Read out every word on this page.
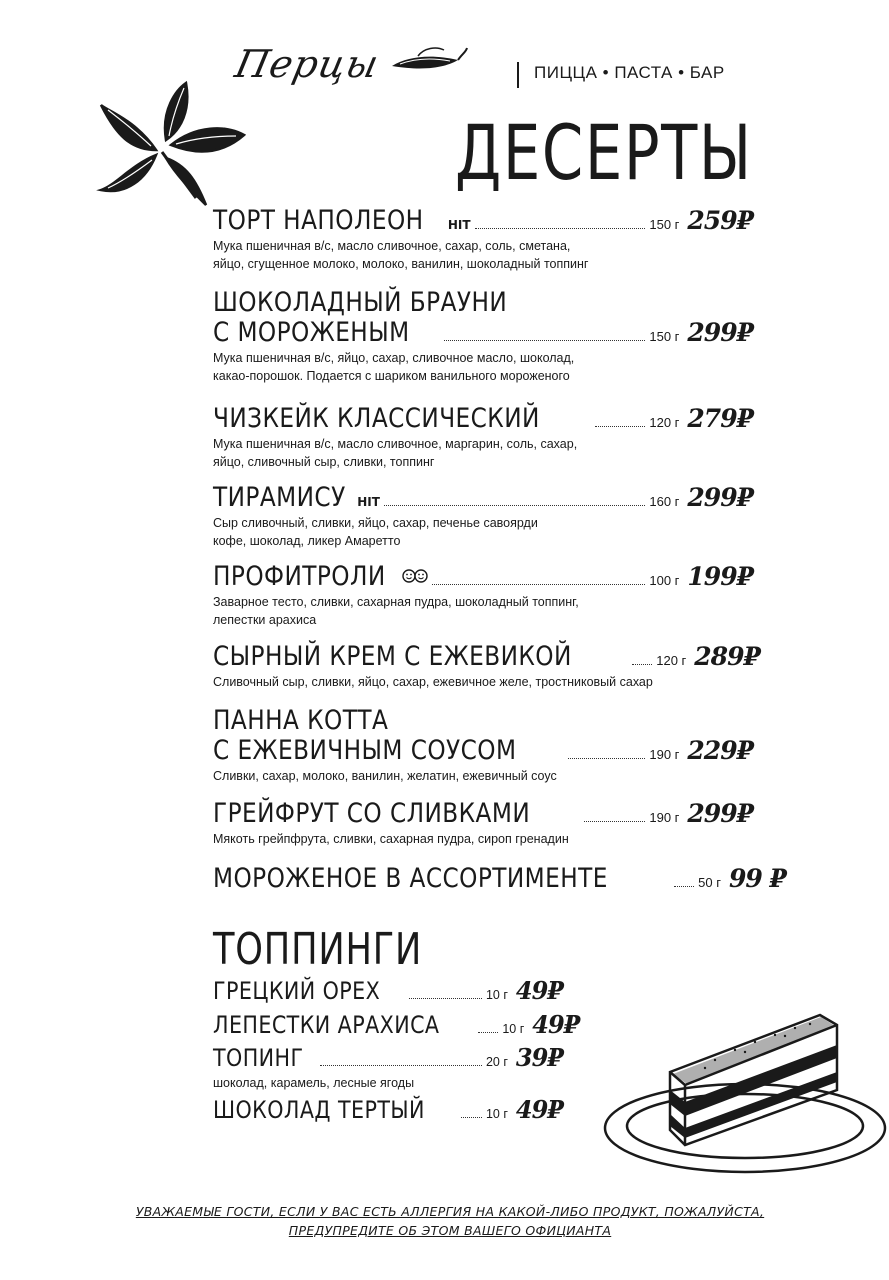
Перцы	ПИЦЦА • ПАСТА • БАР
ДЕСЕРТЫ
ТОРТ НАПОЛЕОН HIT	150 г 259₽
Мука пшеничная в/с, масло сливочное, сахар, соль, сметана,
яйцо, сгущенное молоко, молоко, ванилин, шоколадный топпинг
ШОКОЛАДНЫЙ БРАУНИ
С МОРОЖЕНЫМ	150 г 299₽
Мука пшеничная в/с, яйцо, сахар, сливочное масло, шоколад,
какао-порошок. Подается с шариком ванильного мороженого
ЧИЗКЕЙК КЛАССИЧЕСКИЙ	120 г 279₽
Мука пшеничная в/с, масло сливочное, маргарин, соль, сахар,
яйцо, сливочный сыр, сливки, топпинг
ТИРАМИСУ HIT	160 г 299₽
Сыр сливочный, сливки, яйцо, сахар, печенье савоярди
кофе, шоколад, ликер Амаретто
ПРОФИТРОЛИ	100 г 199₽
Заварное тесто, сливки, сахарная пудра, шоколадный топпинг,
лепестки арахиса
СЫРНЫЙ КРЕМ С ЕЖЕВИКОЙ	120 г 289₽
Сливочный сыр, сливки, яйцо, сахар, ежевичное желе, тростниковый сахар
ПАННА КОТТА
С ЕЖЕВИЧНЫМ СОУСОМ	190 г 229₽
Сливки, сахар, молоко, ванилин, желатин, ежевичный соус
ГРЕЙФРУТ СО СЛИВКАМИ	190 г 299₽
Мякоть грейпфрута, сливки, сахарная пудра, сироп гренадин
МОРОЖЕНОЕ В АССОРТИМЕНТЕ	50 г 99 ₽
ТОППИНГИ
ГРЕЦКИЙ ОРЕХ	10 г 49₽
ЛЕПЕСТКИ АРАХИСА	10 г 49₽
ТОПИНГ	20 г 39₽
шоколад, карамель, лесные ягоды
ШОКОЛАД ТЕРТЫЙ	10 г 49₽
УВАЖАЕМЫЕ ГОСТИ, ЕСЛИ У ВАС ЕСТЬ АЛЛЕРГИЯ НА КАКОЙ-ЛИБО ПРОДУКТ, ПОЖАЛУЙСТА,
ПРЕДУПРЕДИТЕ ОБ ЭТОМ ВАШЕГО ОФИЦИАНТА
